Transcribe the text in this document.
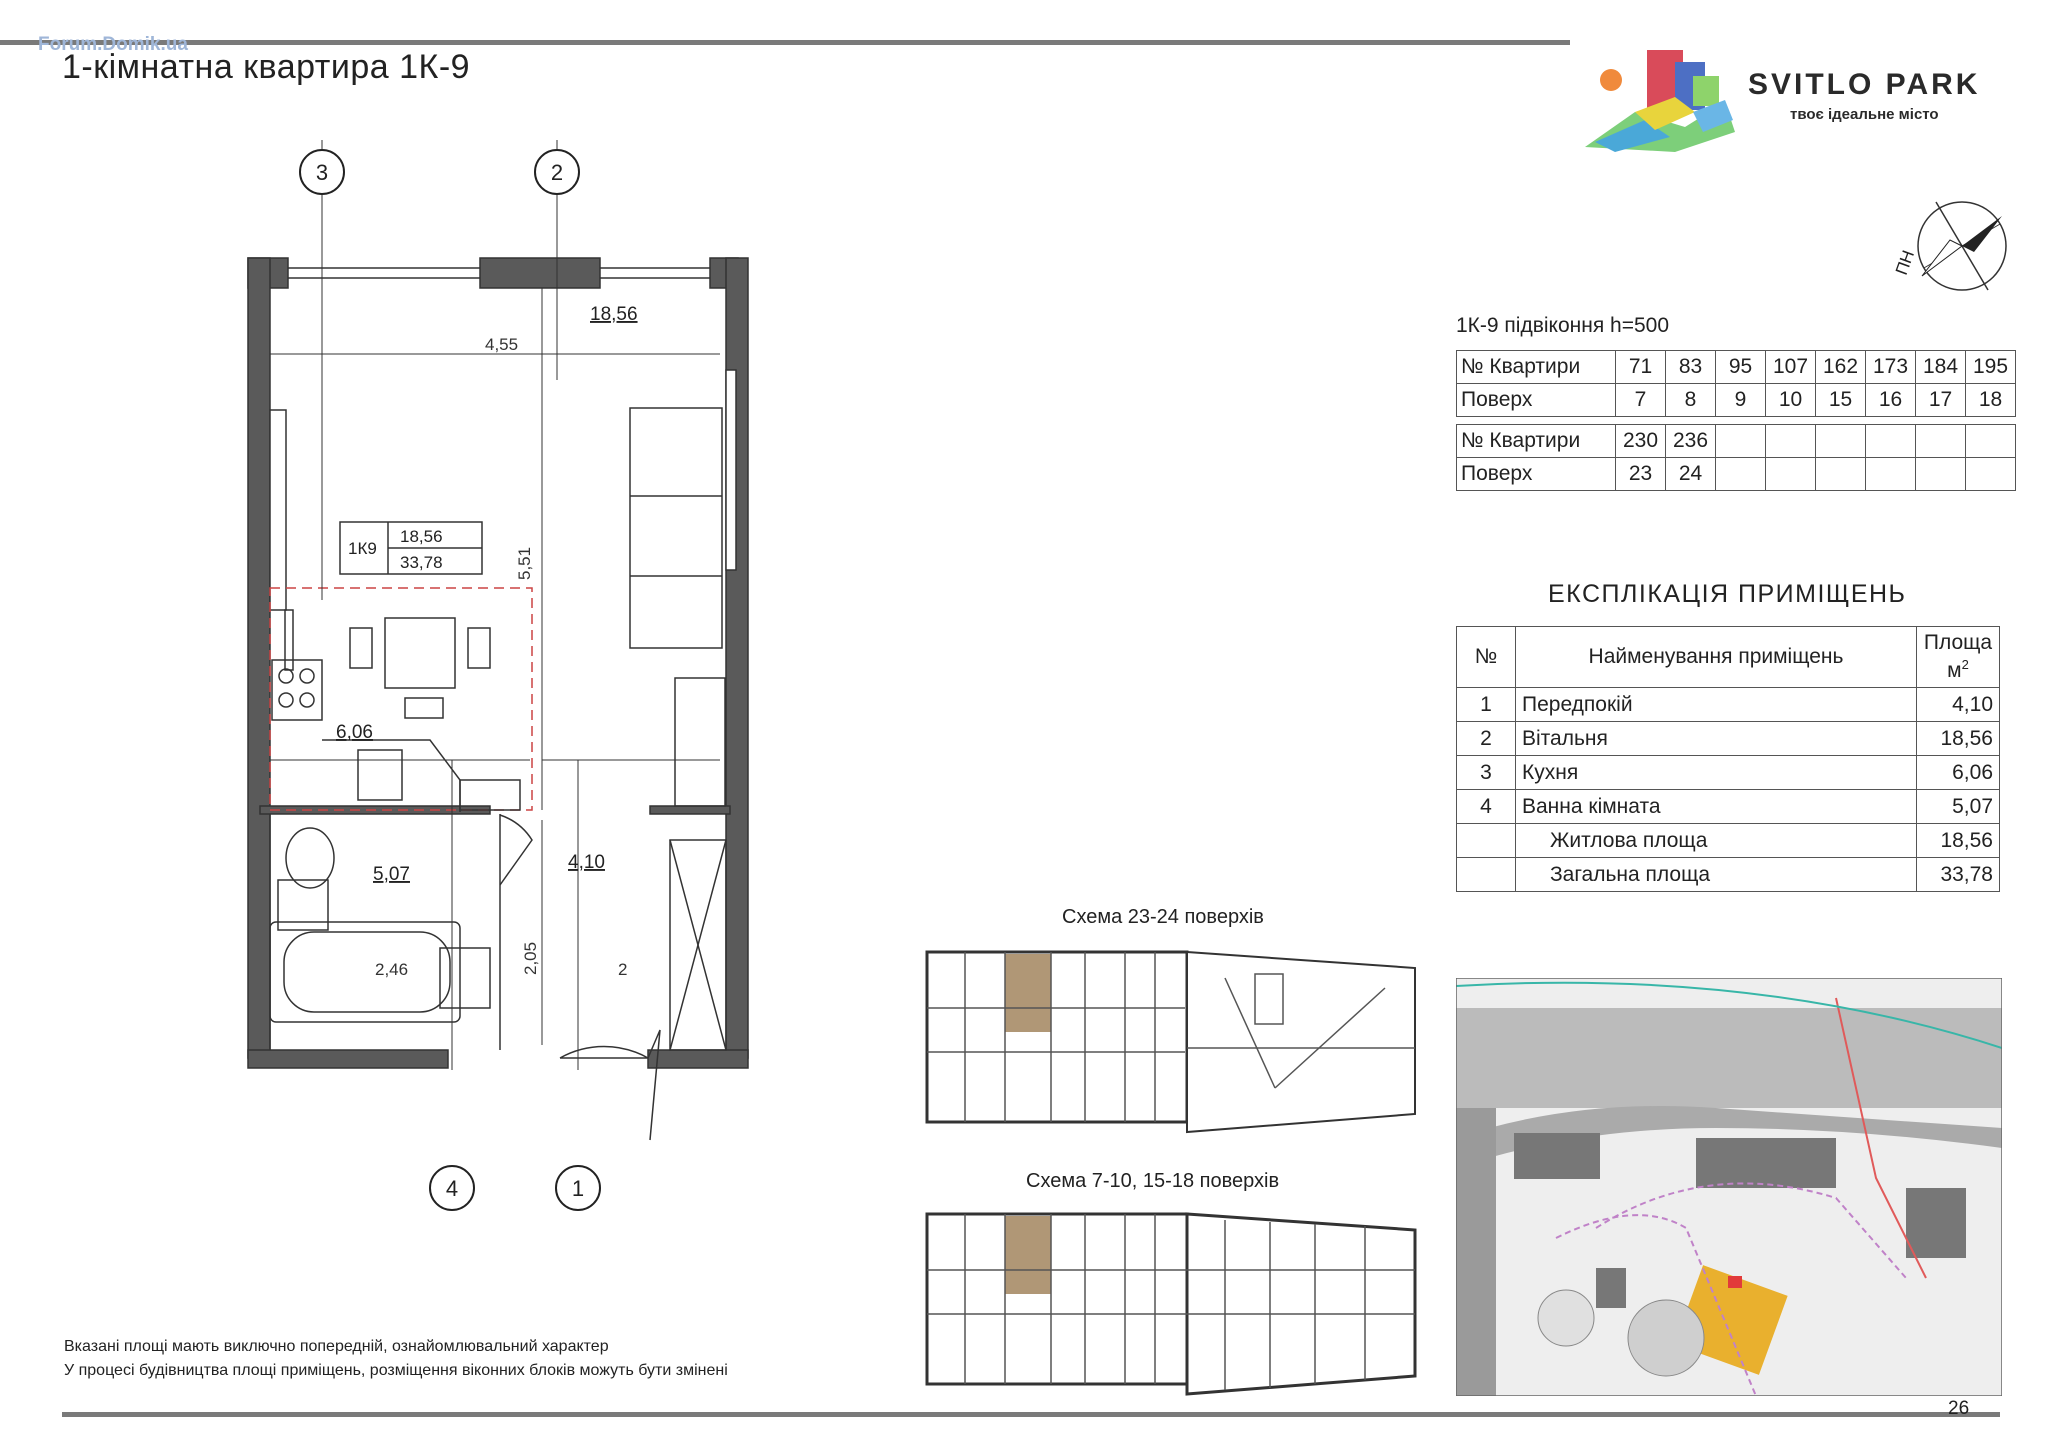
Forum.Domik.ua
1-кімнатна квартира 1К-9	SVITLO PARK
твоє ідеальне місто
ПН
3	2
4	1
4,55
5,51
2,05
2,46	2
18,56
6,06
5,07
4,10
1К9
18,56
33,78
1К-9 підвіконня h=500
№ Квартири	71	83	95	107	162	173	184	195
Поверх	7	8	9	10	15	16	17	18
№ Квартири	230	236						
Поверх	23	24						
ЕКСПЛІКАЦІЯ ПРИМІЩЕНЬ
№	Найменування приміщень	Площа
$м^2$
1	Передпокій	4,10
2	Вітальня	18,56
3	Кухня	6,06
4	Ванна кімната	5,07
	Житлова площа	18,56
	Загальна площа	33,78
Схема 23-24 поверхів
Схема 7-10, 15-18 поверхів
Вказані площі мають виключно попередній, ознайомлювальний характер
У процесі будівництва площі приміщень, розміщення віконних блоків можуть бути змінені
26
